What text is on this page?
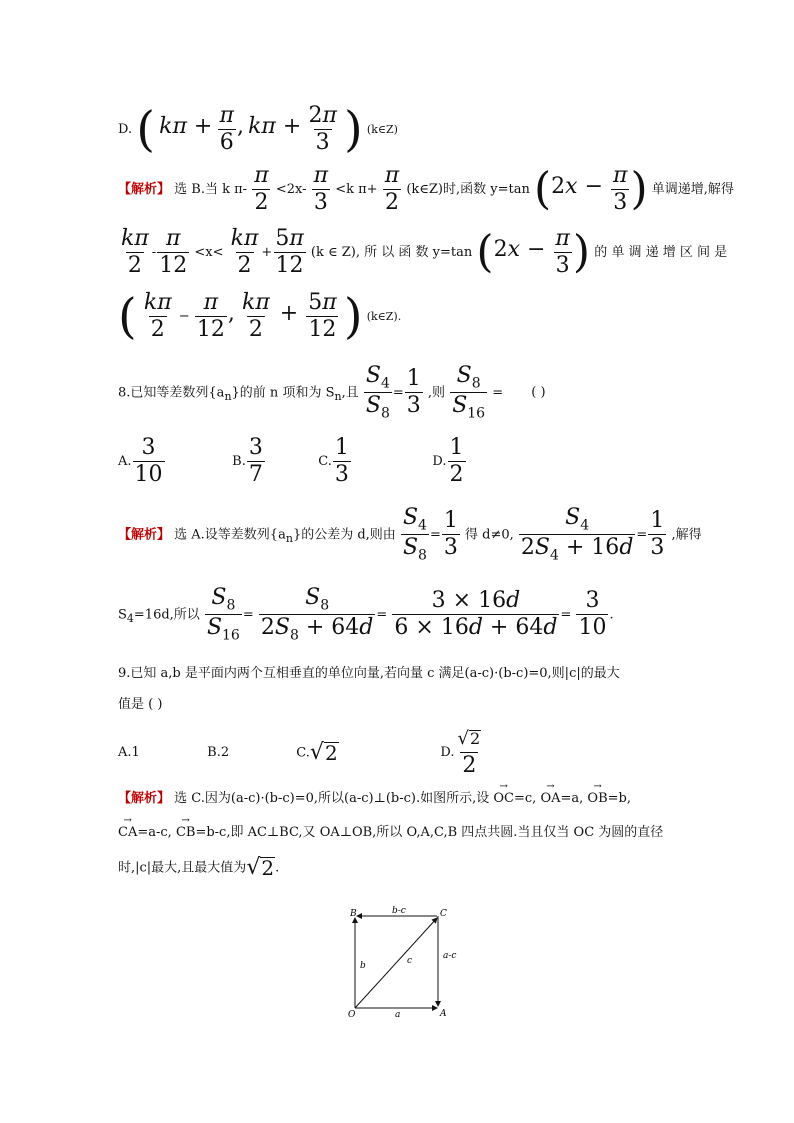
D. ( $k\pi + \frac{\pi}{6}$ , $k\pi + \frac{2\pi}{3}$ ) (k∈Z)
【解析】 选 B.当 k $\pi- \frac{\pi}{2} <2x- \frac{\pi}{3} <k$ $\pi+ \frac{\pi}{2}$ (k∈Z)时,函数 y=tan ($2x - \frac{\pi}{3}$ ) 单调递增,解得
$\frac{k\pi}{2} - \frac{\pi}{12} <x< \frac{k\pi}{2} + \frac{5\pi}{12} (k$ ∈ Z), 所 以 函 数 y=tan ($2x - \frac{\pi}{3}$ ) 的 单 调 递 增 区 间 是
( $\frac{k\pi}{2} - \frac{\pi}{12}$ , $\frac{k\pi}{2} + \frac{5\pi}{12}$ ) (k∈Z).
8.已知等差数列$\{a_n\}$的前 n 项和为 $S_n$,且 $\frac{S_4}{S_8} = \frac{1}{3}$ ,则 $\frac{S_8}{S_{16}}$ = ( )
A. $\frac{3}{10}$	B. $\frac{3}{7}$	C. $\frac{1}{3}$	D. $\frac{1}{2}$
【解析】 选 A.设等差数列$\{a_n\}$的公差为 d,则由 $\frac{S_4}{S_8} = \frac{1}{3}$ 得 d≠0, $\frac{S_4}{2S_4 + 16d} = \frac{1}{3}$ ,解得
$S_4=16d$,所以 $\frac{S_8}{S_{16}} = \frac{S_8}{2S_8 + 64d} = \frac{3 \times 16d}{6 \times 16d + 64d} = \frac{3}{10}$ .
9.已知 a,b 是平面内两个互相垂直的单位向量,若向量 c 满足(a-c)·(b-c)=0,则|c|的最大
值是 ( )
A.1	B.2	C. √ 2	D. $\frac{√ 2}{2}$
【解析】 选 C.因为(a-c)·(b-c)=0,所以(a-c)⊥(b-c).如图所示,设 → OC=c, → OA=a, → OB=b,
→ CA=a-c, → CB=b-c,即 AC⊥BC,又 OA⊥OB,所以 O,A,C,B 四点共圆.当且仅当 OC 为圆的直径
时,|c|最大,且最大值为 √ 2 .
B	C
O	A
b-c
a-c
b	c
a
